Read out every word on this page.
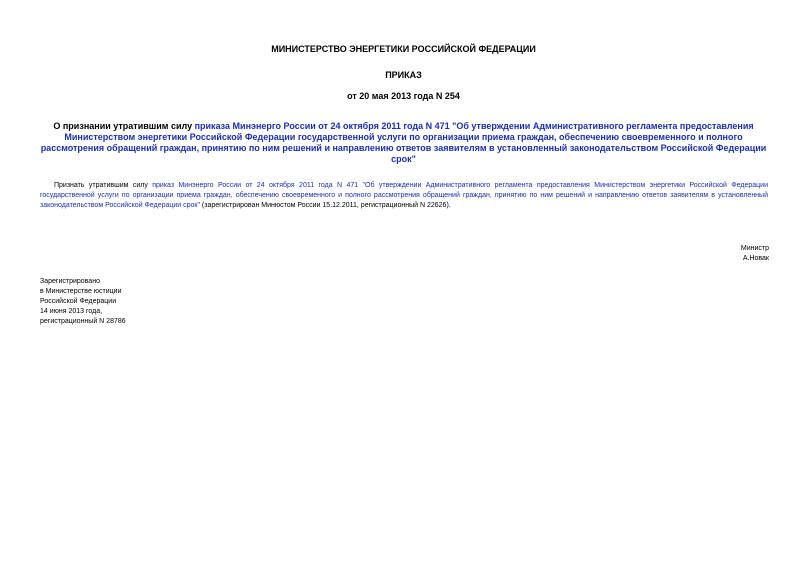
МИНИСТЕРСТВО ЭНЕРГЕТИКИ РОССИЙСКОЙ ФЕДЕРАЦИИ
ПРИКАЗ
от 20 мая 2013 года N 254
О признании утратившим силу приказа Минэнерго России от 24 октября 2011 года N 471 "Об утверждении Административного регламента предоставления Министерством энергетики Российской Федерации государственной услуги по организации приема граждан, обеспечению своевременного и полного рассмотрения обращений граждан, принятию по ним решений и направлению ответов заявителям в установленный законодательством Российской Федерации срок"
Признать утратившим силу приказ Минэнерго России от 24 октября 2011 года N 471 "Об утверждении Административного регламента предоставления Министерством энергетики Российской Федерации государственной услуги по организации приема граждан, обеспечению своевременного и полного рассмотрения обращений граждан, принятию по ним решений и направлению ответов заявителям в установленный законодательством Российской Федерации срок" (зарегистрирован Минюстом России 15.12.2011, регистрационный N 22626).
Министр
А.Новак
Зарегистрировано
в Министерстве юстиции
Российской Федерации
14 июня 2013 года,
регистрационный N 28786
